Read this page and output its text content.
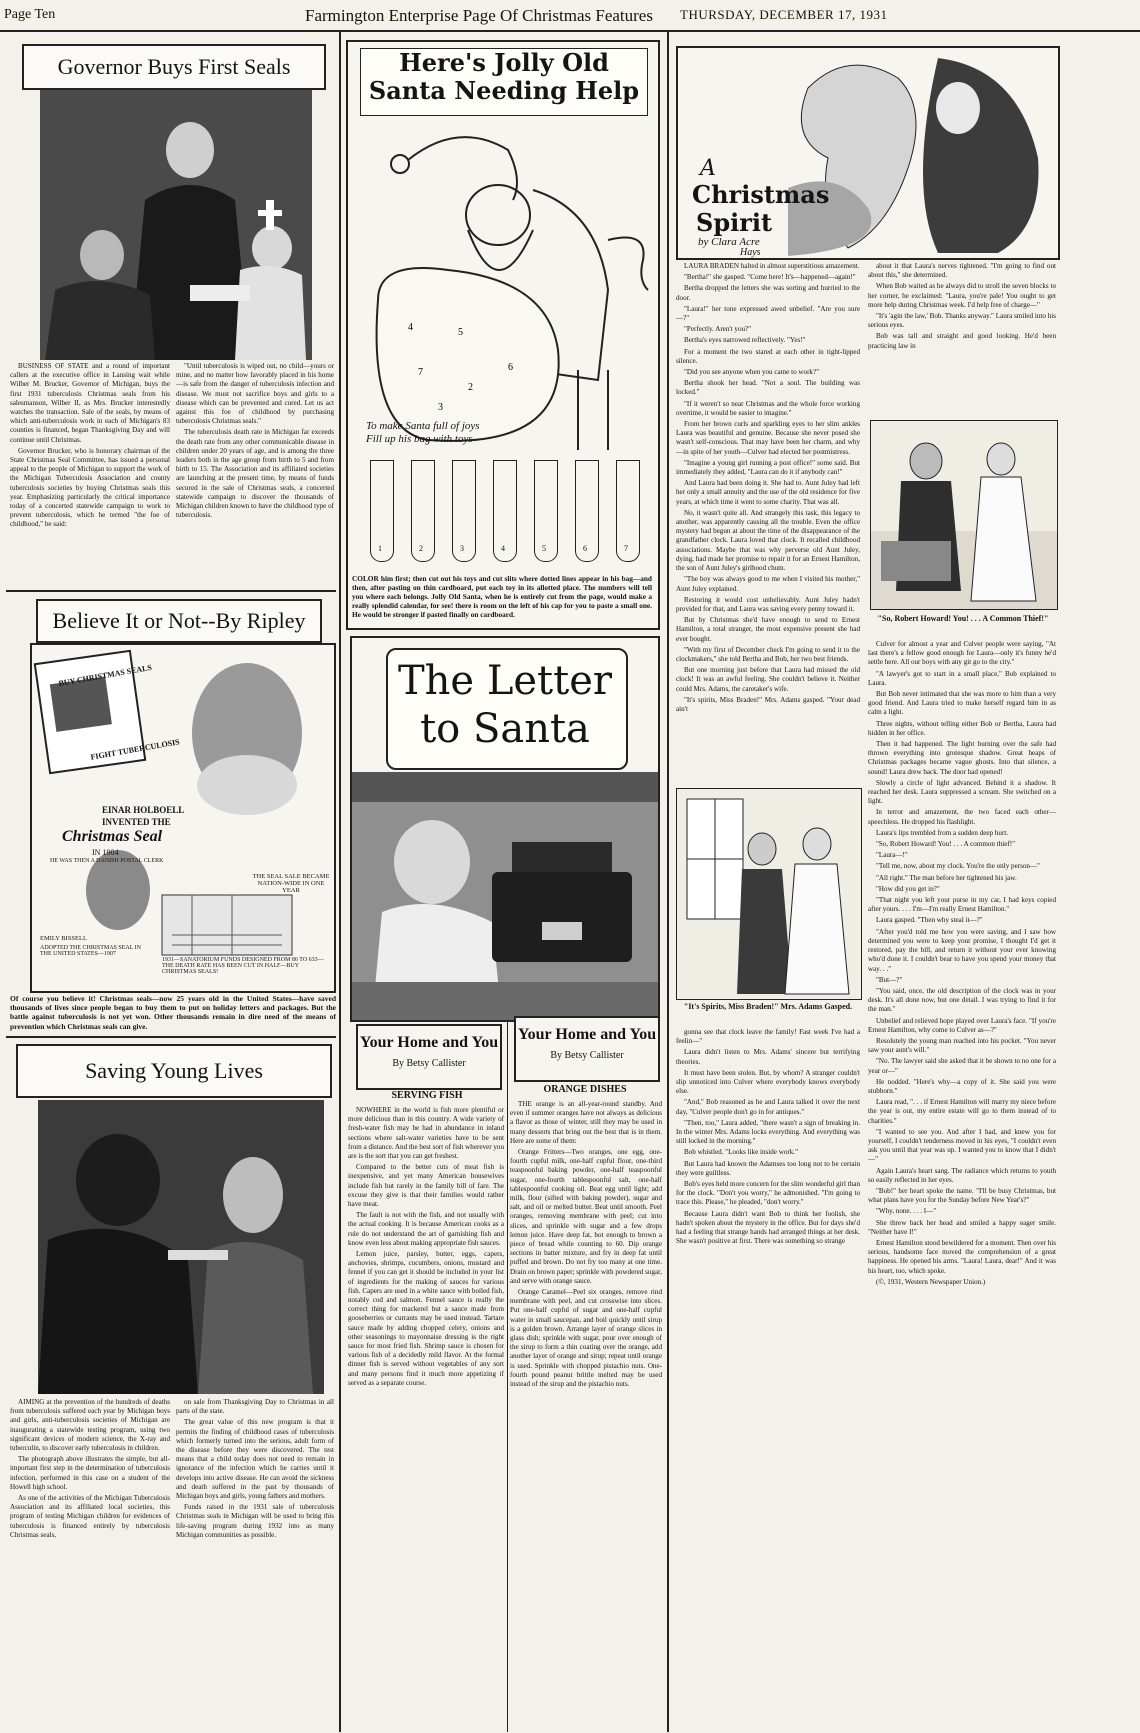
Page Ten	Farmington Enterprise Page Of Christmas Features THURSDAY, DECEMBER 17, 1931
Governor Buys First Seals

BUSINESS OF STATE and a round of important callers at the executive office in Lansing wait while Wilber M. Brucker, Governor of Michigan, buys the first 1931 tuberculosis Christmas seals from his salesmanson, Wilber II, as Mrs. Brucker interestedly watches the transaction. Sale of the seals, by means of which anti-tuberculosis work in each of Michigan's 83 counties is financed, began Thanksgiving Day and will continue until Christmas.

Governor Brucker, who is honorary chairman of the State Christmas Seal Committee, has issued a personal appeal to the people of Michigan to support the work of the Michigan Tuberculosis Association and county tuberculosis societies by buying Christmas seals this year. Emphasizing particularly the critical importance today of a concerted statewide campaign to work to prevent tuberculosis, which he termed "the foe of childhood," be said:

"Until tuberculosis is wiped out, no child—yours or mine, and no matter how favorably placed in his home—is safe from the danger of tuberculosis infection and disease. We must not sacrifice boys and girls to a disease which can be prevented and cured. Let us act against this foe of childhood by purchasing tuberculosis Christmas seals."

The tuberculosis death rate in Michigan far exceeds the death rate from any other communicable disease in children under 20 years of age, and is among the three leaders both in the age group from birth to 5 and from birth to 15. The Association and its affiliated societies are launching at the present time, by means of funds secured in the sale of Christmas seals, a concerted statewide campaign to discover the thousands of Michigan children known to have the childhood type of tuberculosis.

Believe It or Not--By Ripley
BUY CHRISTMAS SEALS
FIGHT TUBERCULOSIS
EINAR HOLBOELL
INVENTED THE
Christmas Seal
IN 1904
HE WAS THEN A DANISH POSTAL CLERK
EMILY BISSELL
ADOPTED THE CHRISTMAS SEAL IN THE UNITED STATES—1907
THE SEAL SALE BECAME NATION-WIDE IN ONE YEAR
1931—SANATORIUM FUNDS DESIGNED FROM 86 TO 633—THE DEATH RATE HAS BEEN CUT IN HALF—BUY CHRISTMAS SEALS!
Of course you believe it! Christmas seals—now 25 years old in the United States—have saved thousands of lives since people began to buy them to put on holiday letters and packages. But the battle against tuberculosis is not yet won. Other thousands remain in dire need of the means of prevention which Christmas seals can give.
Saving Young Lives

AIMING at the prevention of the hundreds of deaths from tuberculosis suffered each year by Michigan boys and girls, anti-tuberculosis societies of Michigan are inaugurating a statewide testing program, using two significant devices of modern science, the X-ray and tuberculin, to discover early tuberculosis in children.

The photograph above illustrates the simple, but all-important first step in the determination of tuberculosis infection, performed in this case on a student of the Howell high school.

As one of the activities of the Michigan Tuberculosis Association and its affiliated local societies, this program of testing Michigan children for evidences of tuberculosis is financed entirely by tuberculosis Christmas seals,

on sale from Thanksgiving Day to Christmas in all parts of the state.

The great value of this new program is that it permits the finding of childhood cases of tuberculosis which formerly turned into the serious, adult form of the disease before they were discovered. The test means that a child today does not need to remain in ignorance of the infection which he carries until it develops into active disease. He can avoid the sickness and death suffered in the past by thousands of Michigan boys and girls, young fathers and mothers.

Funds raised in the 1931 sale of tuberculosis Christmas seals in Michigan will be used to bring this life-saving program during 1932 into as many Michigan communities as possible.

Here's Jolly Old Santa Needing Help
4	5
7
2
6
3
To make Santa full of joys
Fill up his bag with toys
1	2	3	4	5	6	7
COLOR him first; then cut out his toys and cut slits where dotted lines appear in his bag—and then, after pasting on thin cardboard, put each toy in its allotted place. The numbers will tell you where each belongs. Jolly Old Santa, when he is entirely cut from the page, would make a really splendid calendar, for see! there is room on the left of his cap for you to paste a small one. He would be stronger if pasted finally on cardboard.
The Letter
to Santa
Your Home and You
By Betsy Callister
SERVING FISH

NOWHERE in the world is fish more plentiful or more delicious than in this country. A wide variety of fresh-water fish may be had in abundance in inland sections where salt-water varieties have to be sent from a distance. And the best sort of fish wherever you are is the sort that you can get freshest.

Compared to the better cuts of meat fish is inexpensive, and yet many American housewives include fish but rarely in the family bill of fare. The excuse they give is that their families would rather have meat.

The fault is not with the fish, and not usually with the actual cooking. It is because American cooks as a rule do not understand the art of garnishing fish and know even less about making appropriate fish sauces.

Lemon juice, parsley, butter, eggs, capers, anchovies, shrimps, cucumbers, onions, mustard and fennel if you can get it should be included in your list of ingredients for the making of sauces for various fish. Capers are used in a white sauce with boiled fish, notably cod and salmon. Fennel sauce is really the correct thing for mackerel but a sauce made from gooseberries or currants may be used instead. Tartare sauce made by adding chopped celery, onions and other seasonings to mayonnaise dressing is the right sauce for most fried fish. Shrimp sauce is chosen for various fish of a decidedly mild flavor. At the formal dinner fish is served without vegetables of any sort and many persons find it much more appetizing if served as a separate course.

Your Home and You
By Betsy Callister
ORANGE DISHES

THE orange is an all-year-round standby. And even if summer oranges have not always as delicious a flavor as those of winter, still they may be used in many desserts that bring out the best that is in them. Here are some of them:

Orange Fritters—Two oranges, one egg, one-fourth cupful milk, one-half cupful flour, one-third teaspoonful baking powder, one-half teaspoonful sugar, one-fourth tablespoonful salt, one-half tablespoonful cooking oil. Beat egg until light; add milk, flour (sifted with baking powder), sugar and salt, and oil or melted butter. Beat until smooth. Peel oranges, removing membrane with peel; cut into slices, and sprinkle with sugar and a few drops lemon juice. Have deep fat, hot enough to brown a piece of bread while counting to 60. Dip orange sections in batter mixture, and fry in deep fat until puffed and brown. Do not fry too many at one time. Drain on brown paper; sprinkle with powdered sugar, and serve with orange sauce.

Orange Caramel—Peel six oranges, remove rind membrane with peel, and cut crosswise into slices. Put one-half cupful of sugar and one-half cupful water in small saucepan, and boil quickly until sirup is a golden brown. Arrange layer of orange slices in glass dish; sprinkle with sugar, pour over enough of the sirup to form a thin coating over the orange, add another layer of orange and sirup; repeat until orange is used. Sprinkle with chopped pistachio nuts. One-fourth pound peanut brittle melted may be used instead of the sirup and the pistachio nuts.

A
Christmas
Spirit
by Clara Acre
Hays

LAURA BRADEN halted in almost superstitious amazement.

"Bertha!" she gasped. "Come here! It's—happened—again!"

Bertha dropped the letters she was sorting and hurried to the door.

"Laura!" her tone expressed awed unbelief. "Are you sure—?"

"Perfectly. Aren't you?"

Bertha's eyes narrowed reflectively. "Yes!"

For a moment the two stared at each other in tight-lipped silence.

"Did you see anyone when you came to work?"

Bertha shook her head. "Not a soul. The building was locked."

"If it weren't so near Christmas and the whole force working overtime, it would be easier to imagine."

From her brown curls and sparkling eyes to her slim ankles Laura was beautiful and genuine. Because she never posed she wasn't self-conscious. That may have been her charm, and why—in spite of her youth—Culver had elected her postmistress.

"Imagine a young girl running a post office!" some said. But immediately they added, "Laura can do it if anybody can!"

And Laura had been doing it. She had to. Aunt Juley had left her only a small annuity and the use of the old residence for five years, at which time it went to some charity. That was all.

No, it wasn't quite all. And strangely this task, this legacy to another, was apparently causing all the trouble. Even the office mystery had begun at about the time of the disappearance of the grandfather clock. Laura loved that clock. It recalled childhood associations. Maybe that was why perverse old Aunt Juley, dying, had made her promise to repair it for an Ernest Hamilton, the son of Aunt Juley's girlhood chum.

"The boy was always good to me when I visited his mother," Aunt Juley explained.

Restoring it would cost unbelievably. Aunt Juley hadn't provided for that, and Laura was saving every penny toward it.

But by Christmas she'd have enough to send to Ernest Hamilton, a total stranger, the most expensive present she had ever bought.

"With my first of December check I'm going to send it to the clockmakers," she told Bertha and Bob, her two best friends.

But one morning just before that Laura had missed the old clock! It was an awful feeling. She couldn't believe it. Neither could Mrs. Adams, the caretaker's wife.

"It's spirits, Miss Braden!" Mrs. Adams gasped. "Your dead ain't

about it that Laura's nerves tightened. "I'm going to find out about this," she determined.

When Bob waited as he always did to stroll the seven blocks to her corner, he exclaimed: "Laura, you're pale! You ought to get more help during Christmas week. I'd help free of charge—"

"It's 'agin the law,' Bob. Thanks anyway." Laura smiled into his serious eyes.

Bob was tall and straight and good looking. He'd been practicing law in

"So, Robert Howard! You! . . . A Common Thief!"

Culver for almost a year and Culver people were saying, "At last there's a fellow good enough for Laura—only it's funny he'd settle here. All our boys with any git go to the city."

"A lawyer's got to start in a small place," Bob explained to Laura.

But Bob never intimated that she was more to him than a very good friend. And Laura tried to make herself regard him in as calm a light.

Three nights, without telling either Bob or Bertha, Laura had hidden in her office.

Then it had happened. The light burning over the safe had thrown everything into grotesque shadow. Great heaps of Christmas packages became vague ghosts. Into that silence, a sound! Laura drew back. The door had opened!

Slowly a circle of light advanced. Behind it a shadow. It reached her desk. Laura suppressed a scream. She switched on a light.

In terror and amazement, the two faced each other—speechless. He dropped his flashlight.

Laura's lips trembled from a sudden deep hurt.

"So, Robert Howard! You! . . . A common thief!"

"Laura—!"

"Tell me, now, about my clock. You're the only person—"

"All right." The man before her tightened his jaw.

"How did you get in?"

"That night you left your purse in my car, I had keys copied after yours. . . . I'm—I'm really Ernest Hamilton."

Laura gasped. "Then why steal it—?"

"After you'd told me how you were saving, and I saw how determined you were to keep your promise, I thought I'd get it restored, pay the bill, and return it without your ever knowing who'd done it. I couldn't bear to have you spend your money that way. . ."

"But—?"

"You said, once, the old description of the clock was in your desk. It's all done now, but one detail. I was trying to find it for the man."

Unbelief and relieved hope played over Laura's face. "If you're Ernest Hamilton, why come to Culver as—?"

Resolutely the young man reached into his pocket. "You never saw your aunt's will."

"No. The lawyer said she asked that it be shown to no one for a year or—"

He nodded. "Here's why—a copy of it. She said you were stubborn."

Laura read, ". . . if Ernest Hamilton will marry my niece before the year is out, my entire estate will go to them instead of to charities."

"I wanted to see you. And after I had, and knew you for yourself, I couldn't tenderness moved in his eyes, "I couldn't even ask you until that year was up. I wanted you to know that I didn't—"

Again Laura's heart sang. The radiance which returns to youth so easily reflected in her eyes.

"Bob!" her heart spoke the name. "I'll be busy Christmas, but what plans have you for the Sunday before New Year's?"

"Why, none. . . . I—"

She threw back her head and smiled a happy eager smile. "Neither have I!"

Ernest Hamilton stood bewildered for a moment. Then over his serious, handsome face moved the comprehension of a great happiness. He opened his arms. "Laura! Laura, dear!" And it was his heart, too, which spoke.

(©, 1931, Western Newspaper Union.)

"It's Spirits, Miss Braden!" Mrs. Adams Gasped.

gonna see that clock leave the family! Fast week I've had a feelin—"

Laura didn't listen to Mrs. Adams' sincere but terrifying theories.

It must have been stolen. But, by whom? A stranger couldn't slip unnoticed into Culver where everybody knows everybody else.

"And," Bob reasoned as he and Laura talked it over the next day, "Culver people don't go in for antiques."

"Then, too," Laura added, "there wasn't a sign of breaking in. In the winter Mrs. Adams locks everything. And everything was still locked in the morning."

Bob whistled. "Looks like inside work."

But Laura had known the Adamses too long not to be certain they were guiltless.

Bob's eyes held more concern for the slim wonderful girl than for the clock. "Don't you worry," he admonished. "I'm going to trace this. Please," he pleaded, "don't worry."

Because Laura didn't want Bob to think her foolish, she hadn't spoken about the mystery in the office. But for days she'd had a feeling that strange hands had arranged things at her desk. She wasn't positive at first. There was something so strange
